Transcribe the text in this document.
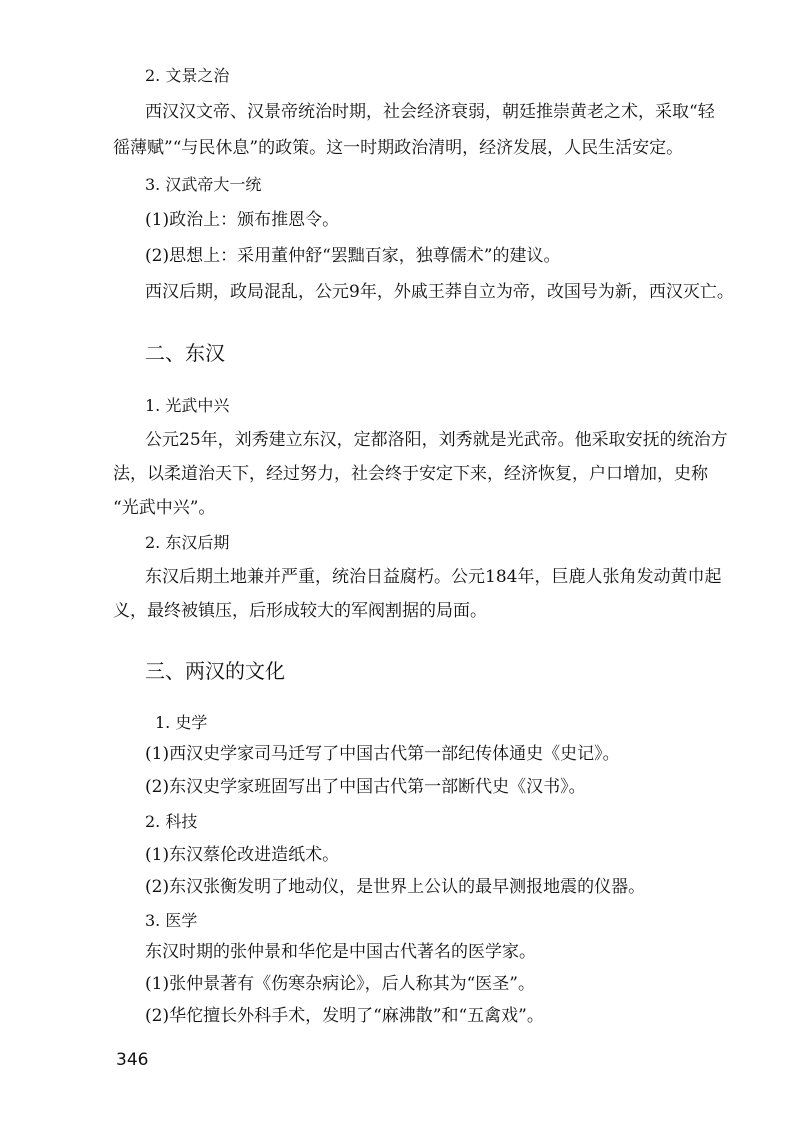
2. 文景之治
西汉汉文帝、汉景帝统治时期，社会经济衰弱，朝廷推崇黄老之术，采取“轻
徭薄赋”“与民休息”的政策。这一时期政治清明，经济发展，人民生活安定。
3. 汉武帝大一统
(1)政治上：颁布推恩令。
(2)思想上：采用董仲舒“罢黜百家，独尊儒术”的建议。
西汉后期，政局混乱，公元9年，外戚王莽自立为帝，改国号为新，西汉灭亡。
二、东汉
1. 光武中兴
公元25年，刘秀建立东汉，定都洛阳，刘秀就是光武帝。他采取安抚的统治方
法，以柔道治天下，经过努力，社会终于安定下来，经济恢复，户口增加，史称
“光武中兴”。
2. 东汉后期
东汉后期土地兼并严重，统治日益腐朽。公元184年，巨鹿人张角发动黄巾起
义，最终被镇压，后形成较大的军阀割据的局面。
三、两汉的文化
1. 史学
(1)西汉史学家司马迁写了中国古代第一部纪传体通史《史记》。
(2)东汉史学家班固写出了中国古代第一部断代史《汉书》。
2. 科技
(1)东汉蔡伦改进造纸术。
(2)东汉张衡发明了地动仪，是世界上公认的最早测报地震的仪器。
3. 医学
东汉时期的张仲景和华佗是中国古代著名的医学家。
(1)张仲景著有《伤寒杂病论》，后人称其为“医圣”。
(2)华佗擅长外科手术，发明了“麻沸散”和“五禽戏”。
346
